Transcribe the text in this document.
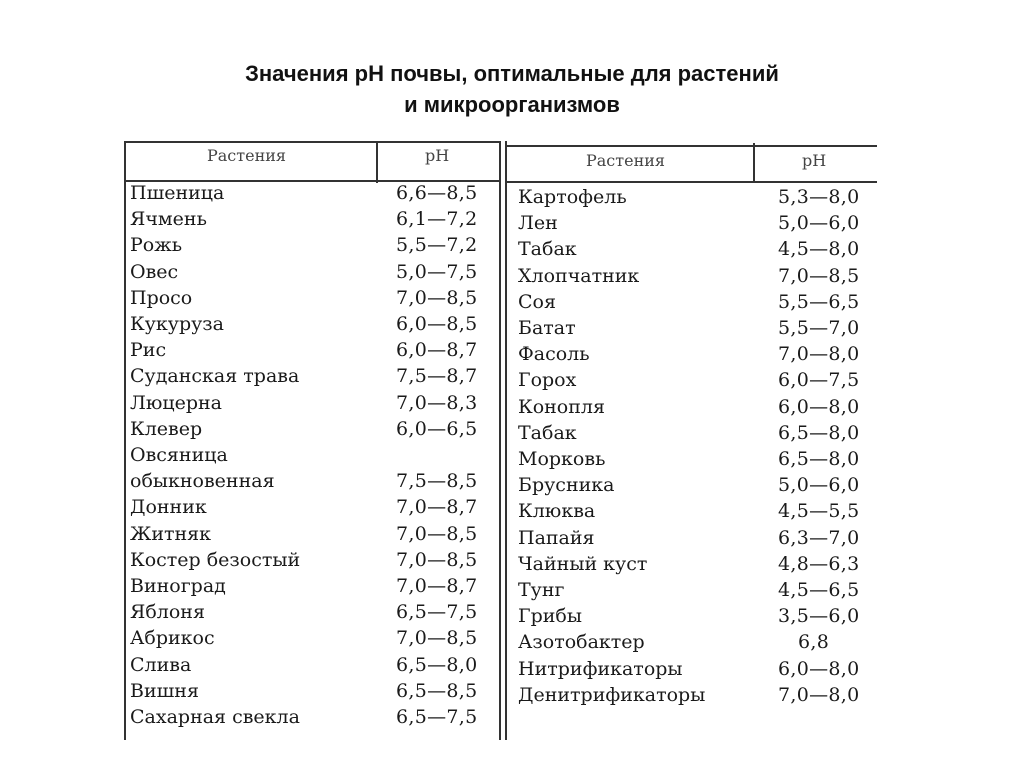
Значения pH почвы, оптимальные для растений
и микроорганизмов
Растения	pH	Растения	pH
Пшеница	6,6—8,5
Ячмень	6,1—7,2
Рожь	5,5—7,2
Овес	5,0—7,5
Просо	7,0—8,5
Кукуруза	6,0—8,5
Рис	6,0—8,7
Суданская трава	7,5—8,7
Люцерна	7,0—8,3
Клевер	6,0—6,5
Овсяница
обыкновенная	7,5—8,5
Донник	7,0—8,7
Житняк	7,0—8,5
Костер безостый	7,0—8,5
Виноград	7,0—8,7
Яблоня	6,5—7,5
Абрикос	7,0—8,5
Слива	6,5—8,0
Вишня	6,5—8,5
Сахарная свекла	6,5—7,5
Картофель	5,3—8,0
Лен	5,0—6,0
Табак	4,5—8,0
Хлопчатник	7,0—8,5
Соя	5,5—6,5
Батат	5,5—7,0
Фасоль	7,0—8,0
Горох	6,0—7,5
Конопля	6,0—8,0
Табак	6,5—8,0
Морковь	6,5—8,0
Брусника	5,0—6,0
Клюква	4,5—5,5
Папайя	6,3—7,0
Чайный куст	4,8—6,3
Тунг	4,5—6,5
Грибы	3,5—6,0
Азотобактер	6,8
Нитрификаторы	6,0—8,0
Денитрификаторы	7,0—8,0
